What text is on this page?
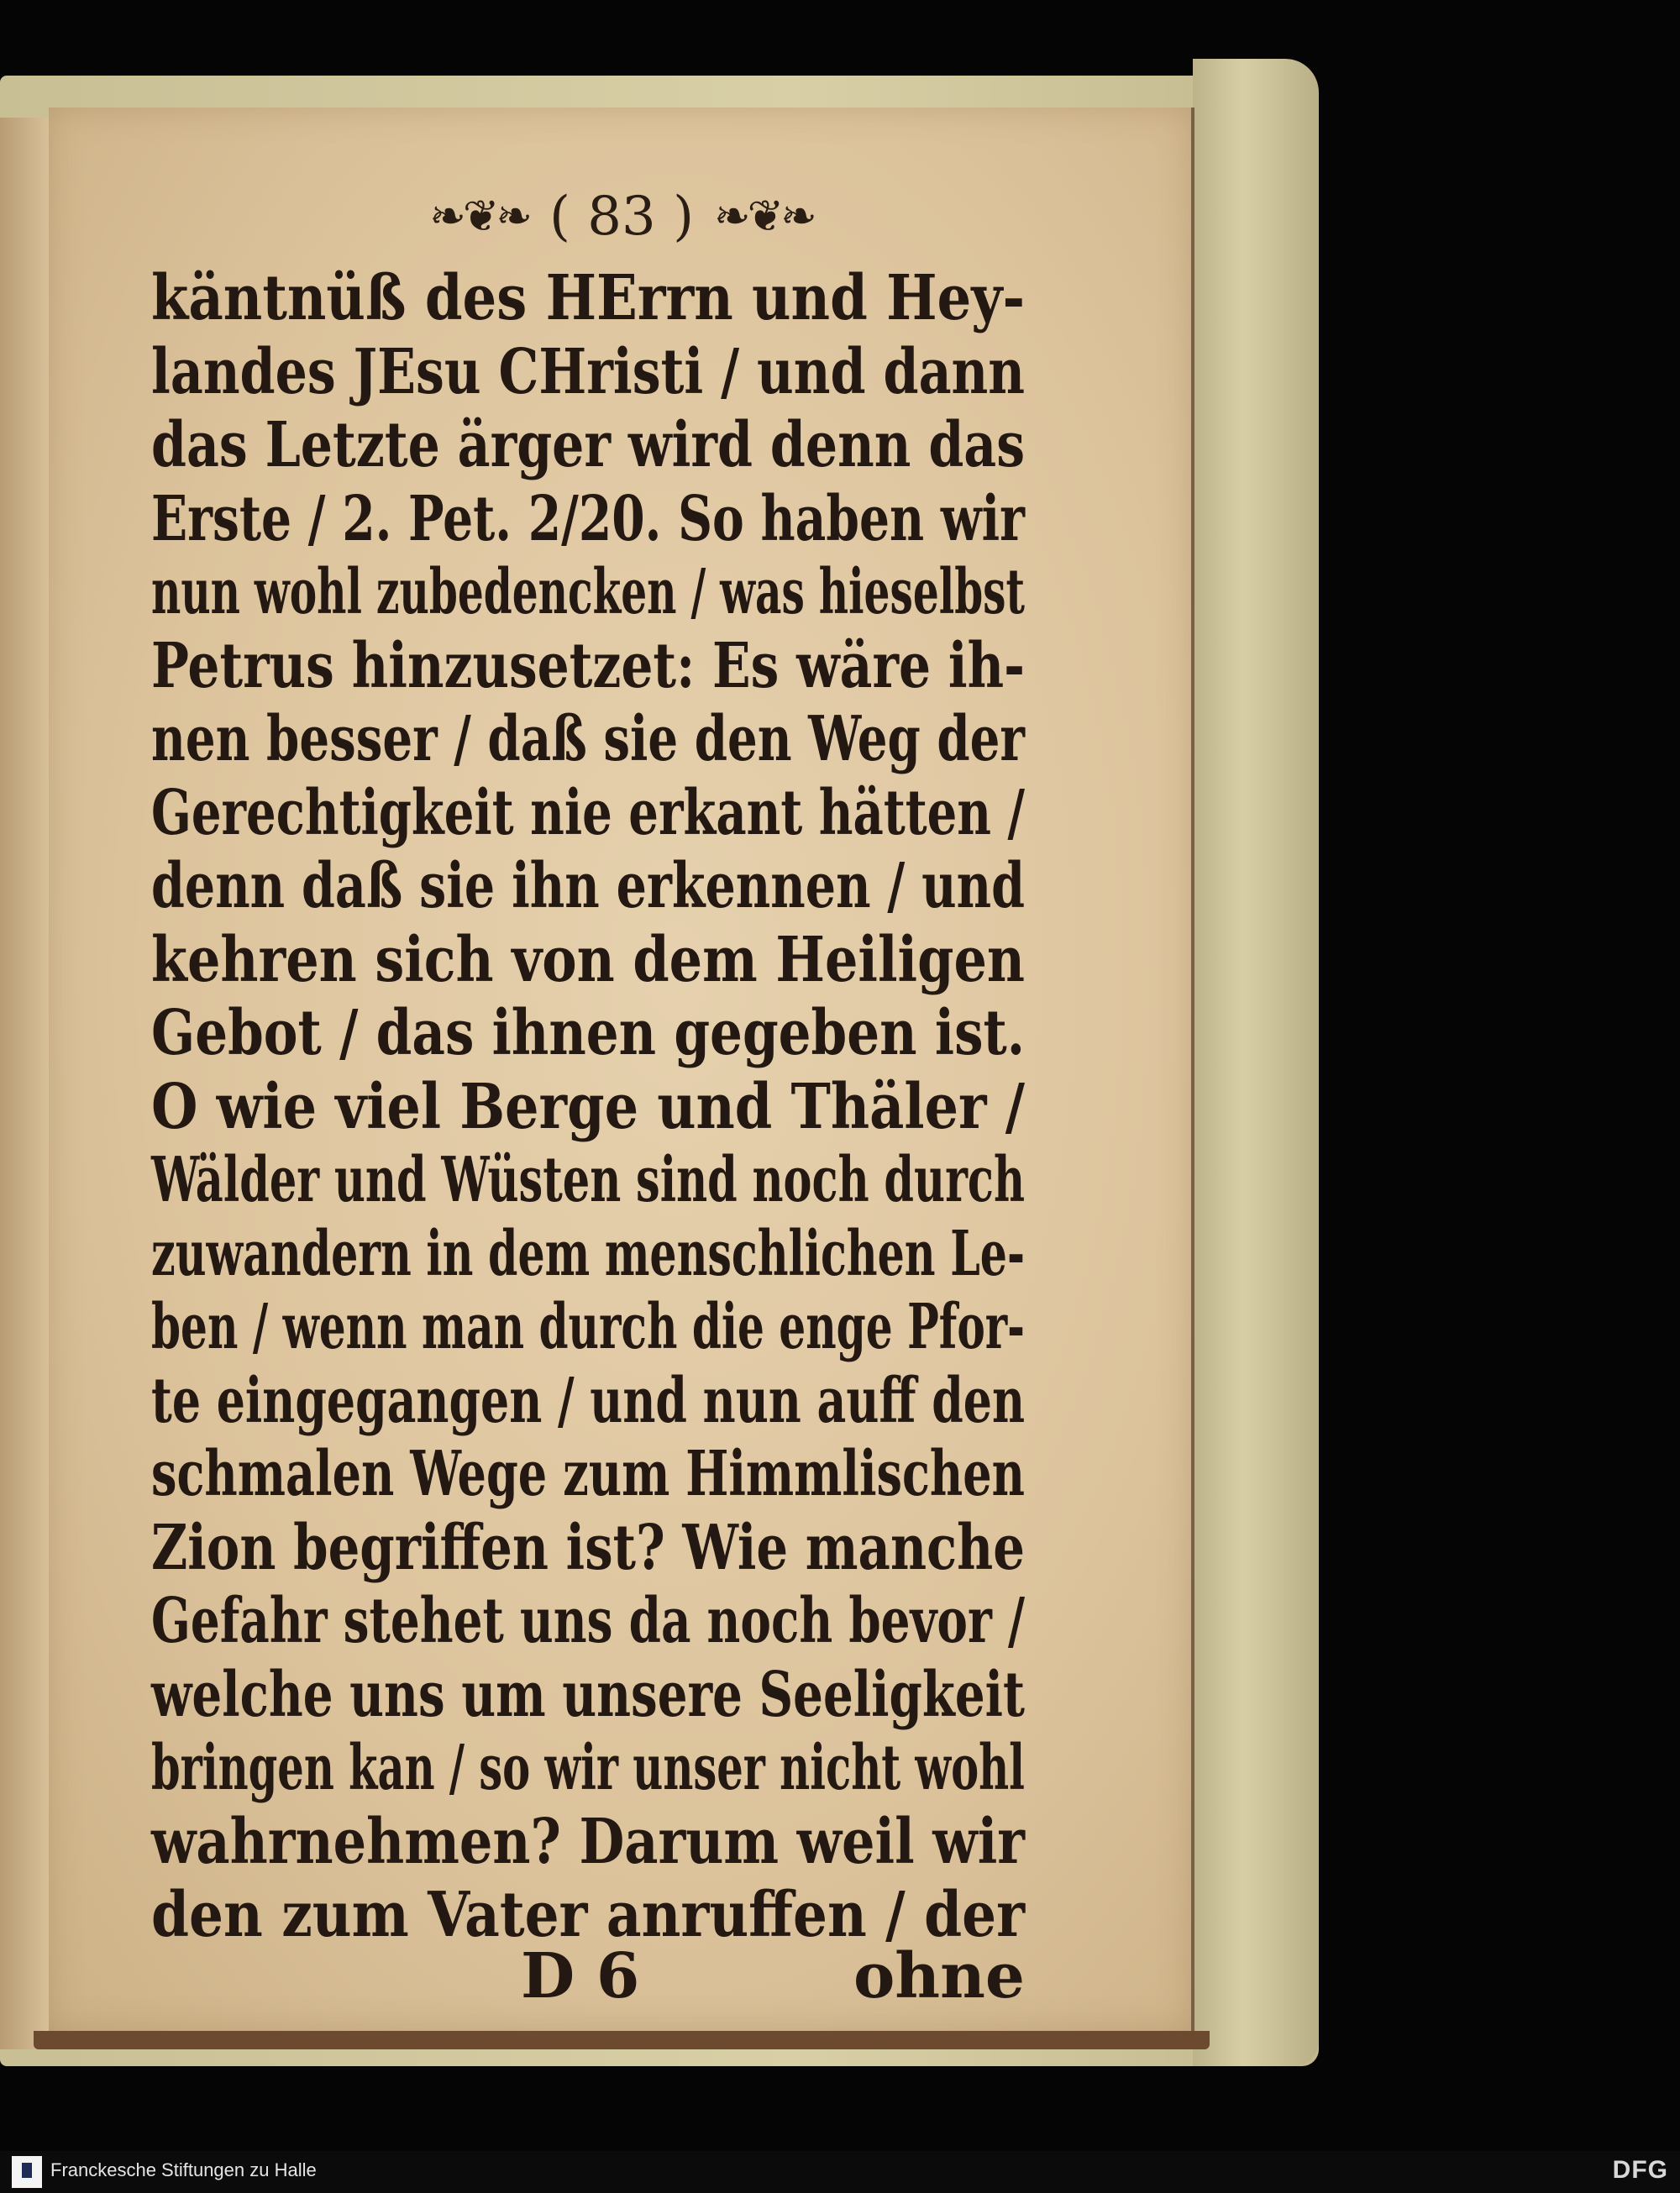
❧❦❧ ( 83 ) ❧❦❧
käntnüß des HErrn und Hey-
landes JEsu CHristi / und dann
das Letzte ärger wird denn das
Erste / 2. Pet. 2/20. So haben wir
nun wohl zubedencken / was hieselbst
Petrus hinzusetzet: Es wäre ih-
nen besser / daß sie den Weg der
Gerechtigkeit nie erkant hätten /
denn daß sie ihn erkennen / und
kehren sich von dem Heiligen
Gebot / das ihnen gegeben ist.
O wie viel Berge und Thäler /
Wälder und Wüsten sind noch durch
zuwandern in dem menschlichen Le-
ben / wenn man durch die enge Pfor-
te eingegangen / und nun auff den
schmalen Wege zum Himmlischen
Zion begriffen ist? Wie manche
Gefahr stehet uns da noch bevor /
welche uns um unsere Seeligkeit
bringen kan / so wir unser nicht wohl
wahrnehmen? Darum weil wir
den zum Vater anruffen / der
D 6	ohne
Franckesche Stiftungen zu Halle	DFG
